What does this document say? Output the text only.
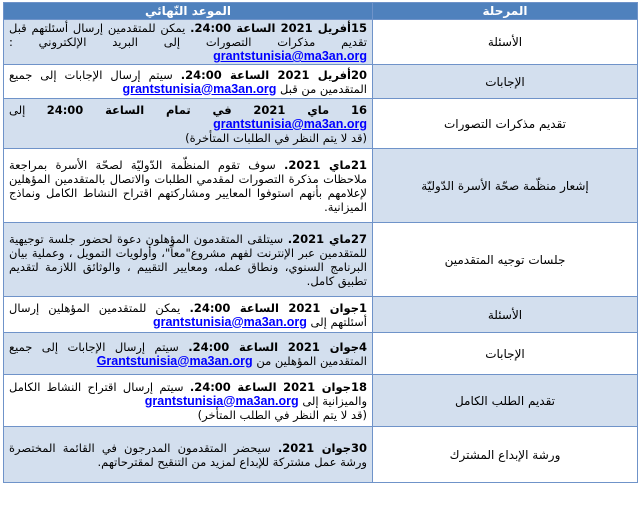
المرحلة	الموعد النّهائي
الأسئلة	15أفريل 2021 الساعة 24:00. يمكن للمتقدمين إرسال أسئلتهم قبل تقديم مذكرات التصورات إلى البريد الإلكتروني : grantstunisia@ma3an.org
الإجابات	20أفريل 2021 الساعة 24:00. سيتم إرسال الإجابات إلى جميع المتقدمين من قبل grantstunisia@ma3an.org
تقديم مذكرات التصورات	16 ماي 2021 في تمام الساعة 24:00 إلى grantstunisia@ma3an.org
(قد لا يتم النظر في الطلبات المتأخرة)
إشعار منظّمة صحّة الأسرة الدّوليّة	21ماي 2021. سوف تقوم المنظّمة الدّوليّة لصحّة الأسرة بمراجعة ملاحظات مذكرة التصورات لمقدمي الطلبات والاتصال بالمتقدمين المؤهلين لإعلامهم بأنهم استوفوا المعايير ومشاركتهم اقتراح النشاط الكامل ونماذج الميزانية.
جلسات توجيه المتقدمين	27ماي 2021. سيتلقى المتقدمون المؤهلون دعوة لحضور جلسة توجيهية للمتقدمين عبر الإنترنت لفهم مشروع"معاً"، وأولويات التمويل ، وعملية بيان البرنامج السنوي، ونطاق عمله، ومعايير التقييم ، والوثائق اللازمة لتقديم تطبيق كامل.
الأسئلة	1جوان 2021 الساعة 24:00. يمكن للمتقدمين المؤهلين إرسال أسئلتهم إلى grantstunisia@ma3an.org
الإجابات	4جوان 2021 الساعة 24:00. سيتم إرسال الإجابات إلى جميع المتقدمين المؤهلين من Grantstunisia@ma3an.org
تقديم الطلب الكامل	18جوان 2021 الساعة 24:00. سيتم إرسال اقتراح النشاط الكامل والميزانية إلى grantstunisia@ma3an.org
(قد لا يتم النظر في الطلب المتأخر)
ورشة الإبداع المشترك	30جوان 2021. سيحضر المتقدمون المدرجون في القائمة المختصرة ورشة عمل مشتركة للإبداع لمزيد من التنقيح لمقترحاتهم.
